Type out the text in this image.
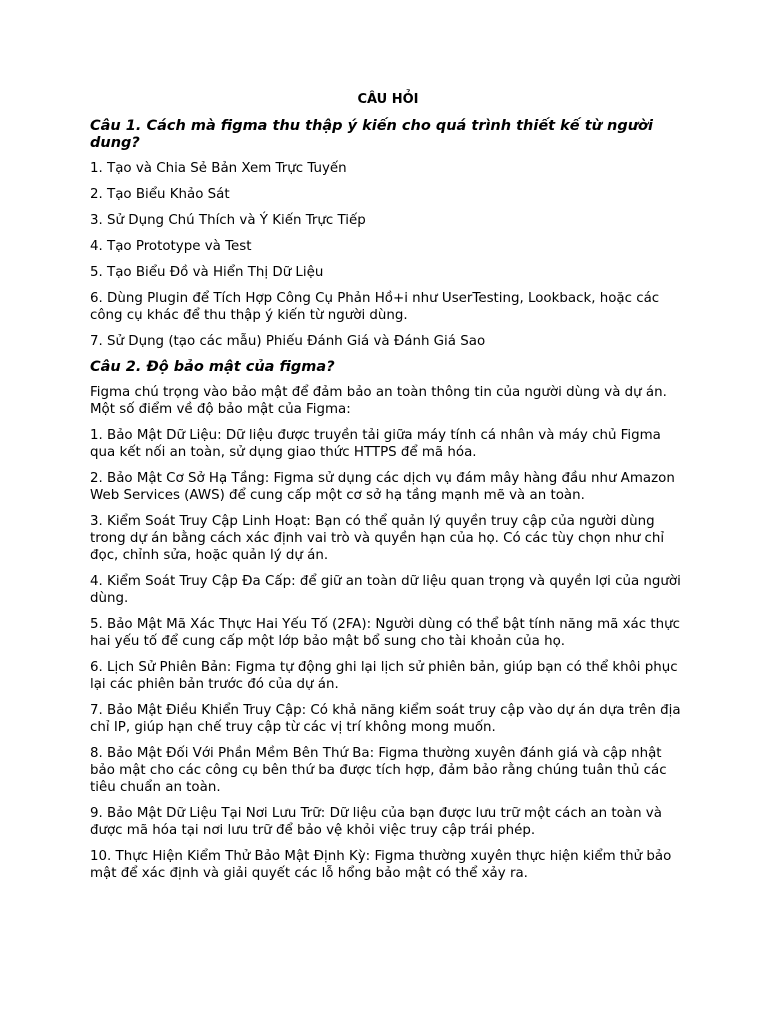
CÂU HỎI
Câu 1. Cách mà figma thu thập ý kiến cho quá trình thiết kế từ người dung?
1. Tạo và Chia Sẻ Bản Xem Trực Tuyến
2. Tạo Biểu Khảo Sát
3. Sử Dụng Chú Thích và Ý Kiến Trực Tiếp
4. Tạo Prototype và Test
5. Tạo Biểu Đồ và Hiển Thị Dữ Liệu
6. Dùng Plugin để Tích Hợp Công Cụ Phản Hồ+i như UserTesting, Lookback, hoặc các công cụ khác để thu thập ý kiến từ người dùng.
7. Sử Dụng (tạo các mẫu) Phiếu Đánh Giá và Đánh Giá Sao
Câu 2. Độ bảo mật của figma?
Figma chú trọng vào bảo mật để đảm bảo an toàn thông tin của người dùng và dự án. Một số điểm về độ bảo mật của Figma:
1. Bảo Mật Dữ Liệu: Dữ liệu được truyền tải giữa máy tính cá nhân và máy chủ Figma qua kết nối an toàn, sử dụng giao thức HTTPS để mã hóa.
2. Bảo Mật Cơ Sở Hạ Tầng: Figma sử dụng các dịch vụ đám mây hàng đầu như Amazon Web Services (AWS) để cung cấp một cơ sở hạ tầng mạnh mẽ và an toàn.
3. Kiểm Soát Truy Cập Linh Hoạt: Bạn có thể quản lý quyền truy cập của người dùng trong dự án bằng cách xác định vai trò và quyền hạn của họ. Có các tùy chọn như chỉ đọc, chỉnh sửa, hoặc quản lý dự án.
4. Kiểm Soát Truy Cập Đa Cấp: để giữ an toàn dữ liệu quan trọng và quyền lợi của người dùng.
5. Bảo Mật Mã Xác Thực Hai Yếu Tố (2FA): Người dùng có thể bật tính năng mã xác thực hai yếu tố để cung cấp một lớp bảo mật bổ sung cho tài khoản của họ.
6. Lịch Sử Phiên Bản: Figma tự động ghi lại lịch sử phiên bản, giúp bạn có thể khôi phục lại các phiên bản trước đó của dự án.
7. Bảo Mật Điều Khiển Truy Cập: Có khả năng kiểm soát truy cập vào dự án dựa trên địa chỉ IP, giúp hạn chế truy cập từ các vị trí không mong muốn.
8. Bảo Mật Đối Với Phần Mềm Bên Thứ Ba: Figma thường xuyên đánh giá và cập nhật bảo mật cho các công cụ bên thứ ba được tích hợp, đảm bảo rằng chúng tuân thủ các tiêu chuẩn an toàn.
9. Bảo Mật Dữ Liệu Tại Nơi Lưu Trữ: Dữ liệu của bạn được lưu trữ một cách an toàn và được mã hóa tại nơi lưu trữ để bảo vệ khỏi việc truy cập trái phép.
10. Thực Hiện Kiểm Thử Bảo Mật Định Kỳ: Figma thường xuyên thực hiện kiểm thử bảo mật để xác định và giải quyết các lỗ hổng bảo mật có thể xảy ra.
